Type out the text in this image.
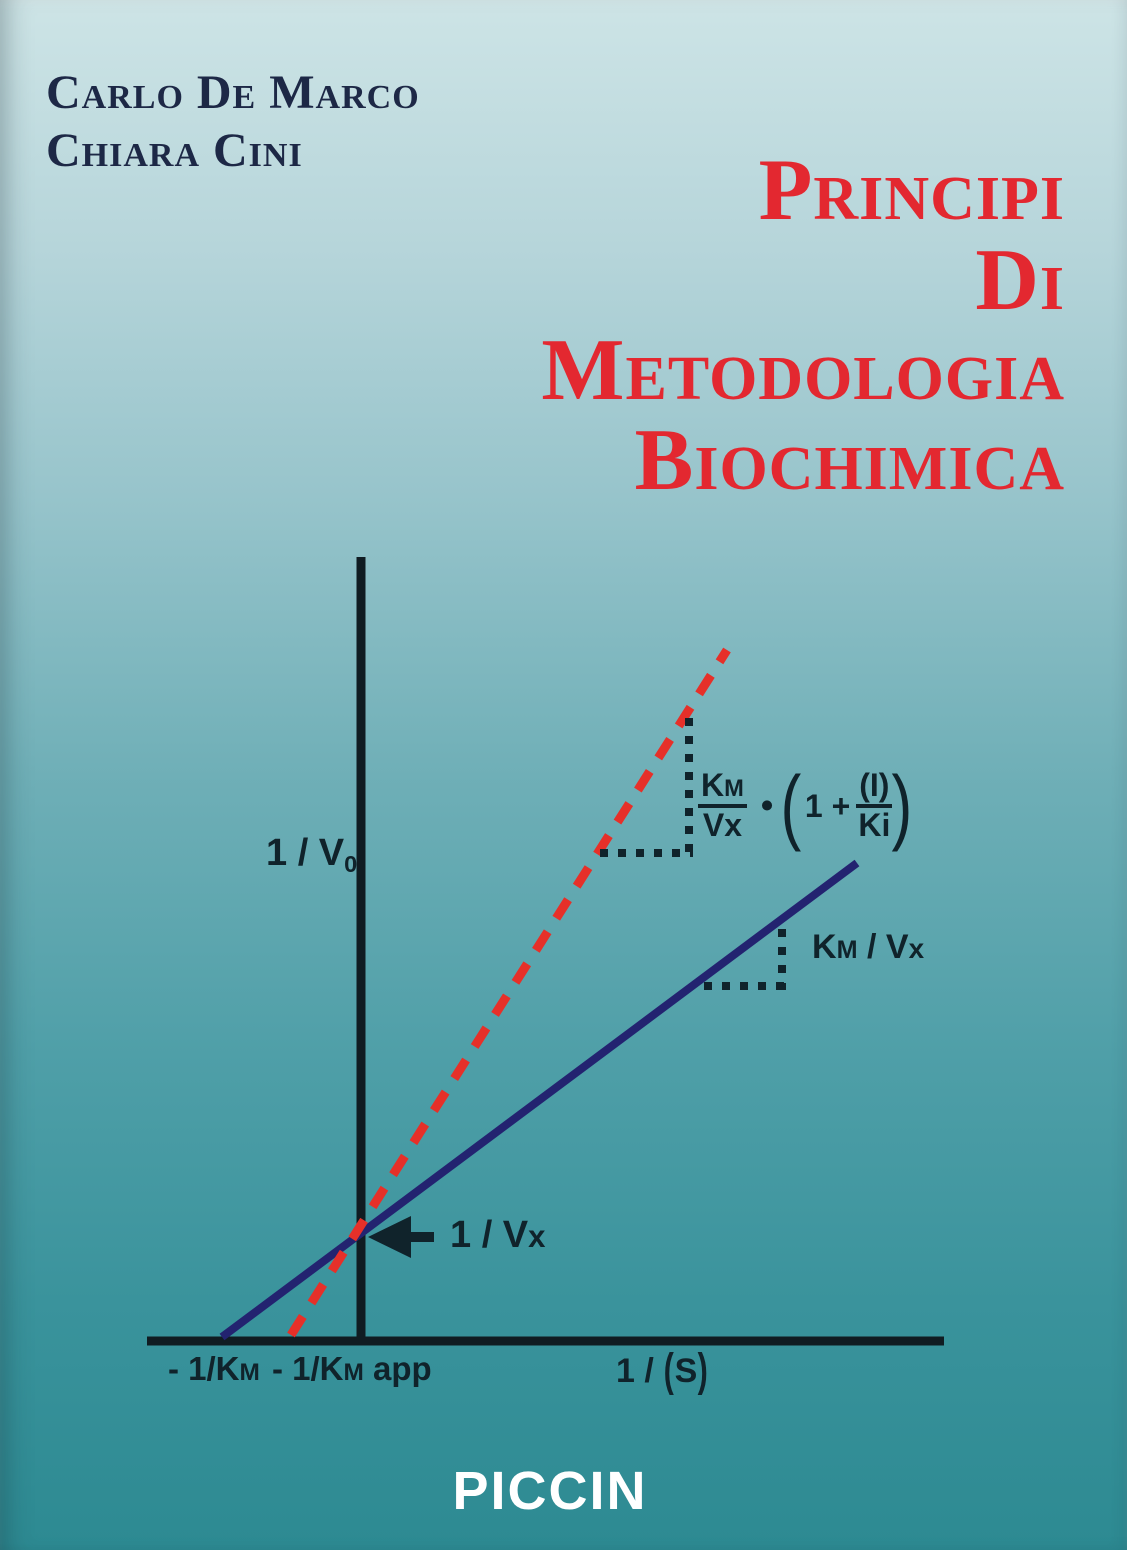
Carlo De Marco
Chiara Cini	Principi
Di
Metodologia
Biochimica
$1 / V_0$
$\frac{KM}{Vx}$ • ( $1 + \frac{(I)}{Ki}$ )
KM / Vx
1 / Vx
- 1/KM - 1/KM app	1 / (S)
PICCIN
